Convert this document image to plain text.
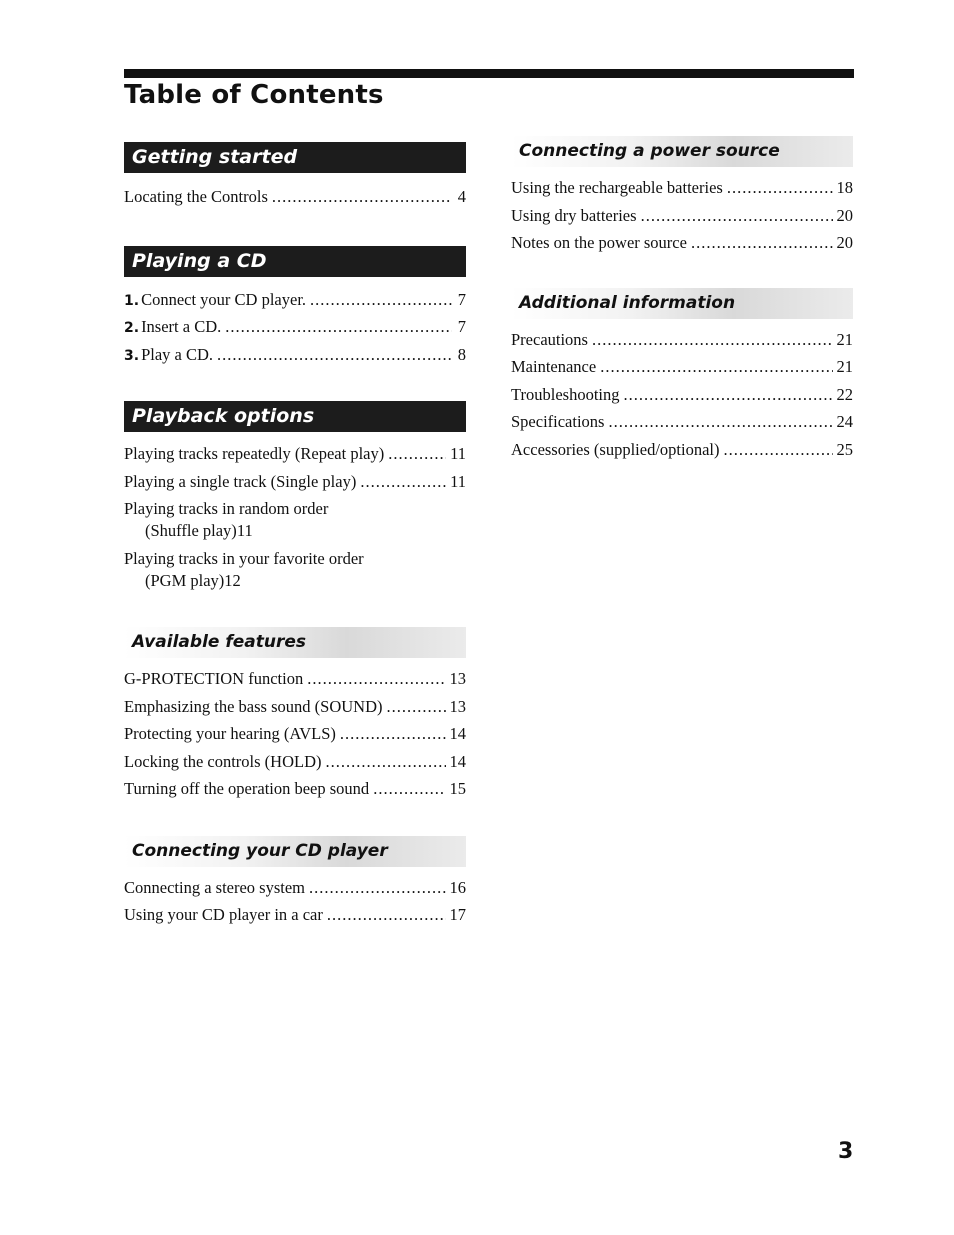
Table of Contents
Getting started
Locating the Controls .....	4
Playing a CD
1. Connect your CD player. .....	7
2. Insert a CD. .....	7
3. Play a CD. .....	8
Playback options
Playing tracks repeatedly (Repeat play) .....	11
Playing a single track (Single play) .....	11
Playing tracks in random order
(Shuffle play) 11
Playing tracks in your favorite order
(PGM play) 12
Available features
G-PROTECTION function .....	13
Emphasizing the bass sound (SOUND) .....	13
Protecting your hearing (AVLS) .....	14
Locking the controls (HOLD) .....	14
Turning off the operation beep sound .....	15
Connecting your CD player
Connecting a stereo system .....	16
Using your CD player in a car .....	17
Connecting a power source
Using the rechargeable batteries .....	18
Using dry batteries .....	20
Notes on the power source .....	20
Additional information
Precautions .....	21
Maintenance .....	21
Troubleshooting .....	22
Specifications .....	24
Accessories (supplied/optional) .....	25
3
